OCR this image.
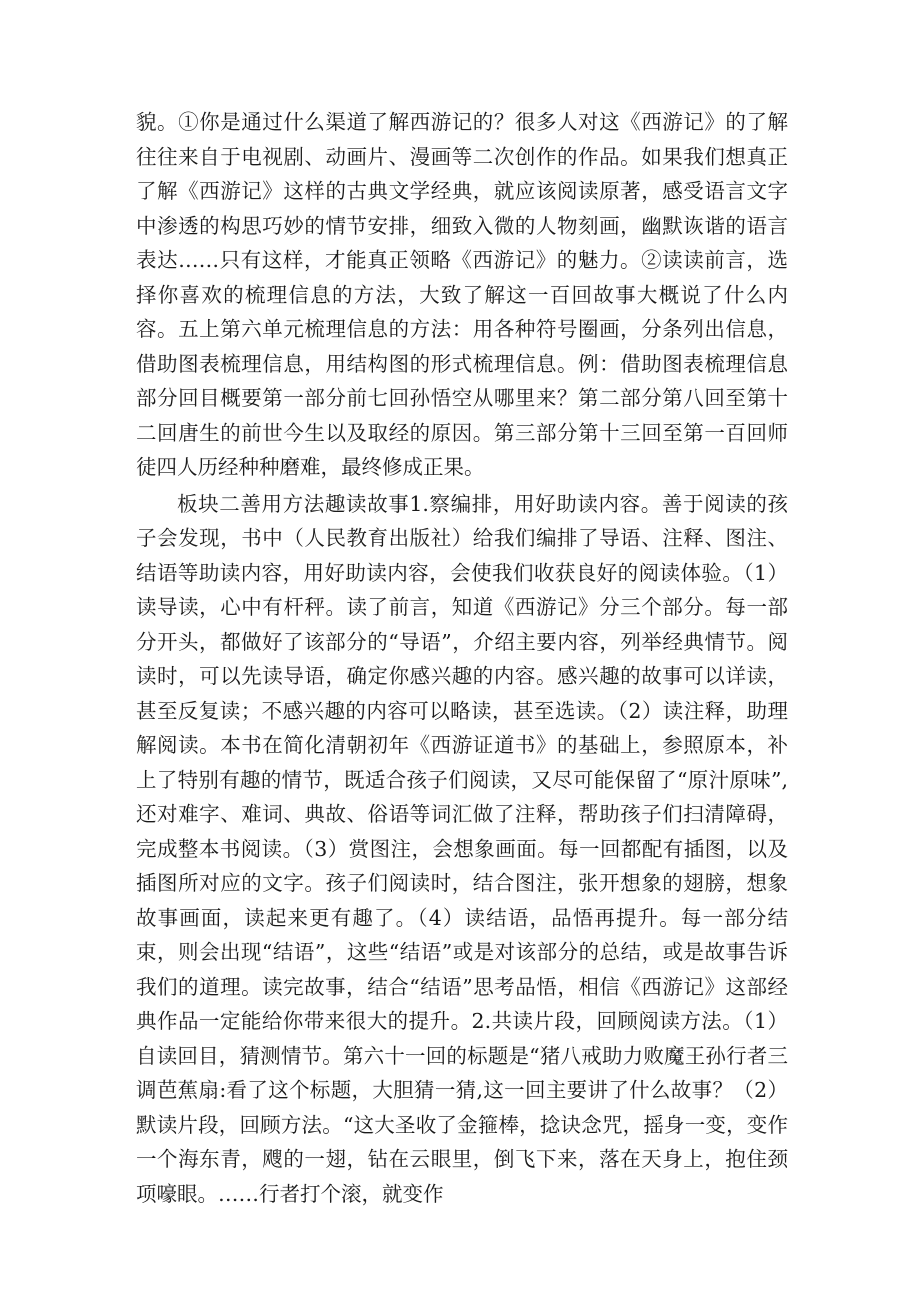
貌。①你是通过什么渠道了解西游记的？很多人对这《西游记》的了解往往来自于电视剧、动画片、漫画等二次创作的作品。如果我们想真正了解《西游记》这样的古典文学经典，就应该阅读原著，感受语言文字中渗透的构思巧妙的情节安排，细致入微的人物刻画，幽默诙谐的语言表达……只有这样，才能真正领略《西游记》的魅力。②读读前言，选择你喜欢的梳理信息的方法，大致了解这一百回故事大概说了什么内容。五上第六单元梳理信息的方法：用各种符号圈画，分条列出信息，借助图表梳理信息，用结构图的形式梳理信息。例：借助图表梳理信息部分回目概要第一部分前七回孙悟空从哪里来？第二部分第八回至第十二回唐生的前世今生以及取经的原因。第三部分第十三回至第一百回师徒四人历经种种磨难，最终修成正果。

板块二善用方法趣读故事1.察编排，用好助读内容。善于阅读的孩子会发现，书中（人民教育出版社）给我们编排了导语、注释、图注、结语等助读内容，用好助读内容，会使我们收获良好的阅读体验。（1）读导读，心中有杆秤。读了前言，知道《西游记》分三个部分。每一部分开头，都做好了该部分的“导语”，介绍主要内容，列举经典情节。阅读时，可以先读导语，确定你感兴趣的内容。感兴趣的故事可以详读，甚至反复读；不感兴趣的内容可以略读，甚至选读。（2）读注释，助理解阅读。本书在简化清朝初年《西游证道书》的基础上，参照原本，补上了特别有趣的情节，既适合孩子们阅读，又尽可能保留了“原汁原味”,还对难字、难词、典故、俗语等词汇做了注释，帮助孩子们扫清障碍，完成整本书阅读。（3）赏图注，会想象画面。每一回都配有插图，以及插图所对应的文字。孩子们阅读时，结合图注，张开想象的翅膀，想象故事画面，读起来更有趣了。（4）读结语，品悟再提升。每一部分结束，则会出现“结语”，这些“结语”或是对该部分的总结，或是故事告诉我们的道理。读完故事，结合“结语”思考品悟，相信《西游记》这部经典作品一定能给你带来很大的提升。2.共读片段，回顾阅读方法。（1）自读回目，猜测情节。第六十一回的标题是“猪八戒助力败魔王孙行者三调芭蕉扇:看了这个标题，大胆猜一猜,这一回主要讲了什么故事？（2）默读片段，回顾方法。“这大圣收了金箍棒，捻诀念咒，摇身一变，变作一个海东青，飕的一翅，钻在云眼里，倒飞下来，落在天身上，抱住颈项嚎眼。……行者打个滚，就变作
